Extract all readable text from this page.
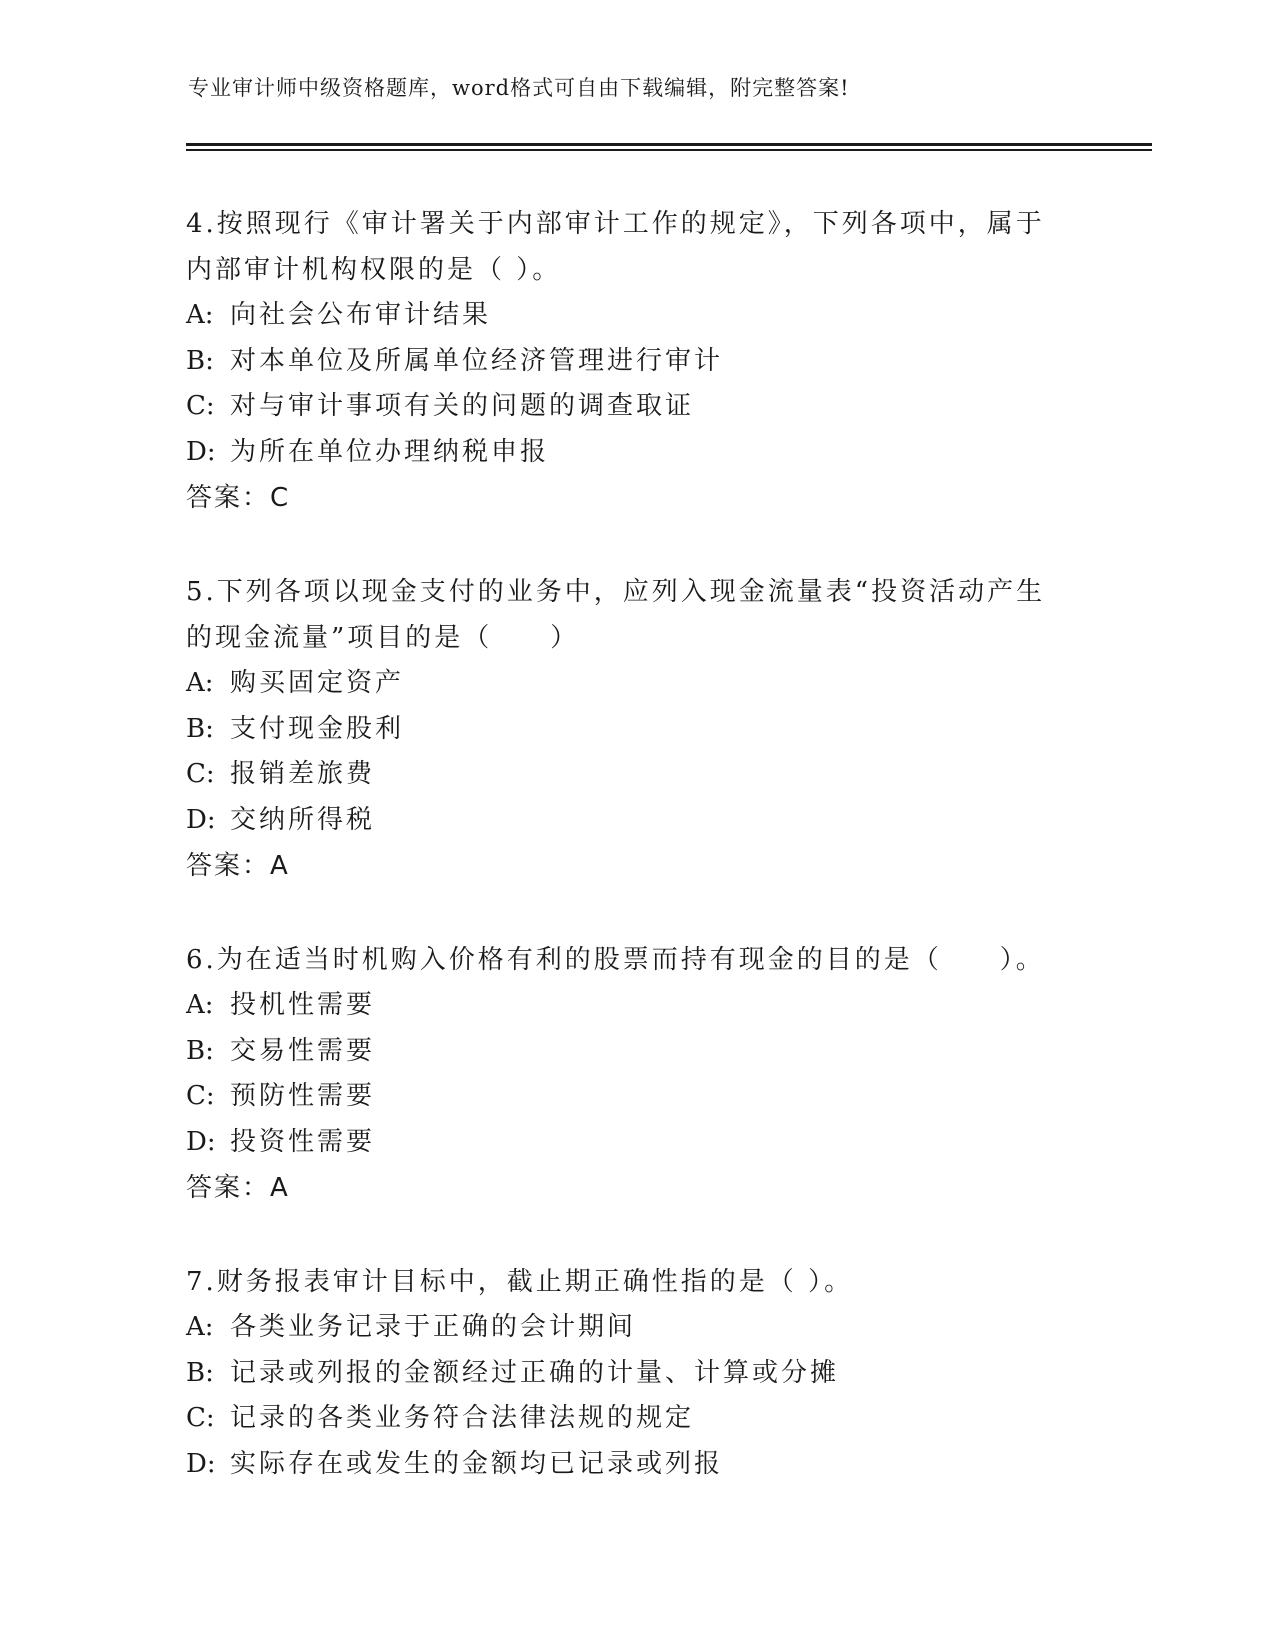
专业审计师中级资格题库，word格式可自由下载编辑，附完整答案!
4.按照现行《审计署关于内部审计工作的规定》，下列各项中，属于内部审计机构权限的是（ ）。
A: 向社会公布审计结果
B: 对本单位及所属单位经济管理进行审计
C: 对与审计事项有关的问题的调查取证
D: 为所在单位办理纳税申报
答案：C
5.下列各项以现金支付的业务中，应列入现金流量表“投资活动产生的现金流量”项目的是（　　）
A: 购买固定资产
B: 支付现金股利
C: 报销差旅费
D: 交纳所得税
答案：A
6.为在适当时机购入价格有利的股票而持有现金的目的是（　　）。
A: 投机性需要
B: 交易性需要
C: 预防性需要
D: 投资性需要
答案：A
7.财务报表审计目标中，截止期正确性指的是（ ）。
A: 各类业务记录于正确的会计期间
B: 记录或列报的金额经过正确的计量、计算或分摊
C: 记录的各类业务符合法律法规的规定
D: 实际存在或发生的金额均已记录或列报
